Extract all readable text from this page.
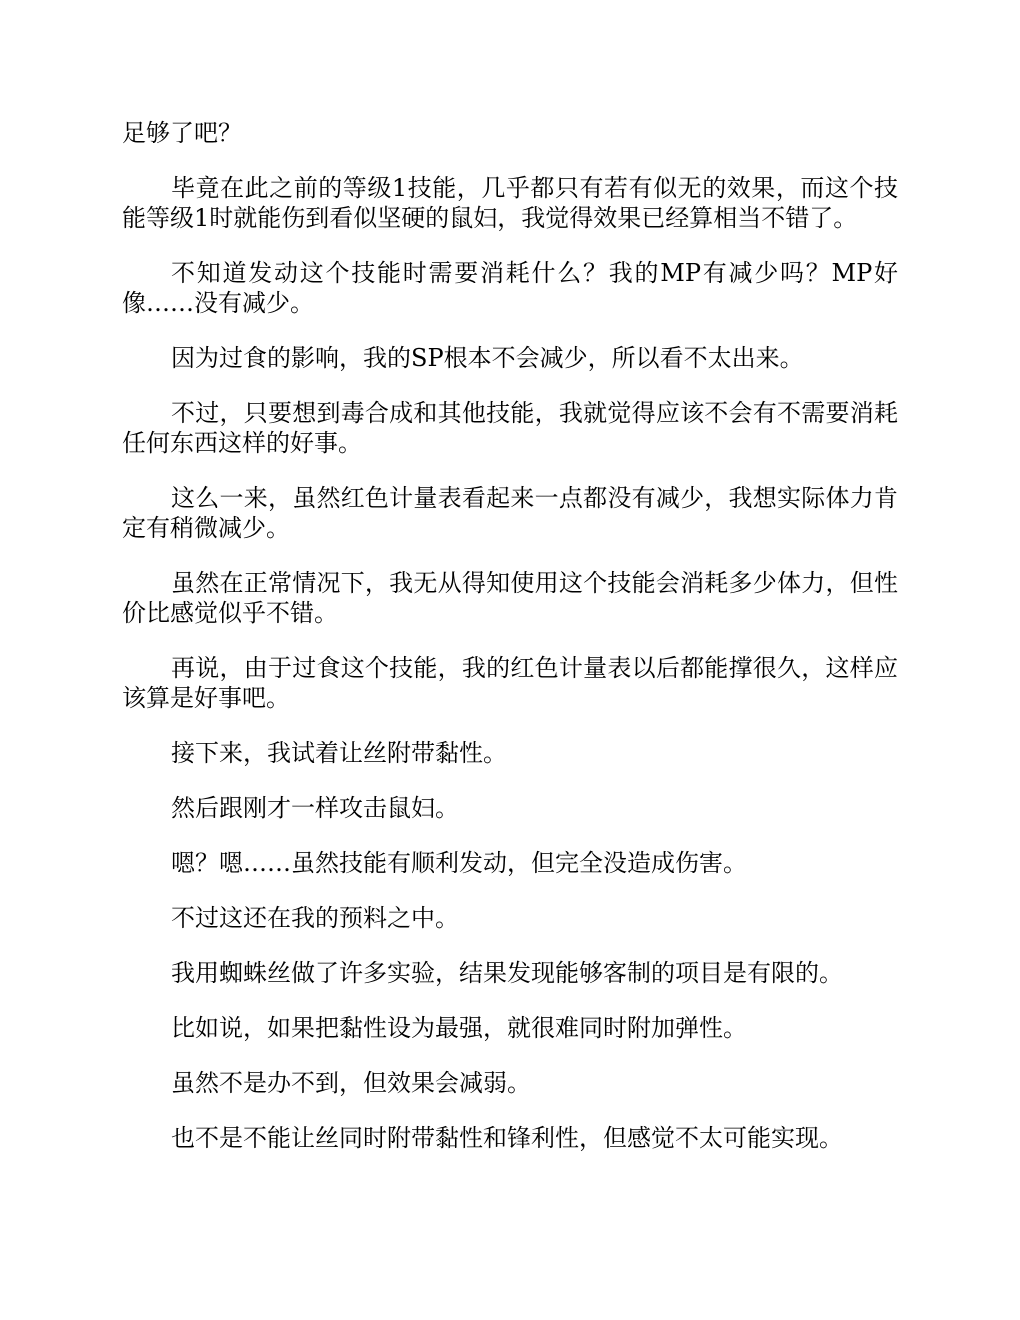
足够了吧？

毕竟在此之前的等级1技能，几乎都只有若有似无的效果，而这个技能等级1时就能伤到看似坚硬的鼠妇，我觉得效果已经算相当不错了。

不知道发动这个技能时需要消耗什么？我的MP有减少吗？MP好像……没有减少。

因为过食的影响，我的SP根本不会减少，所以看不太出来。

不过，只要想到毒合成和其他技能，我就觉得应该不会有不需要消耗任何东西这样的好事。

这么一来，虽然红色计量表看起来一点都没有减少，我想实际体力肯定有稍微减少。

虽然在正常情况下，我无从得知使用这个技能会消耗多少体力，但性价比感觉似乎不错。

再说，由于过食这个技能，我的红色计量表以后都能撑很久，这样应该算是好事吧。

接下来，我试着让丝附带黏性。

然后跟刚才一样攻击鼠妇。

嗯？嗯……虽然技能有顺利发动，但完全没造成伤害。

不过这还在我的预料之中。

我用蜘蛛丝做了许多实验，结果发现能够客制的项目是有限的。

比如说，如果把黏性设为最强，就很难同时附加弹性。

虽然不是办不到，但效果会减弱。

也不是不能让丝同时附带黏性和锋利性，但感觉不太可能实现。
